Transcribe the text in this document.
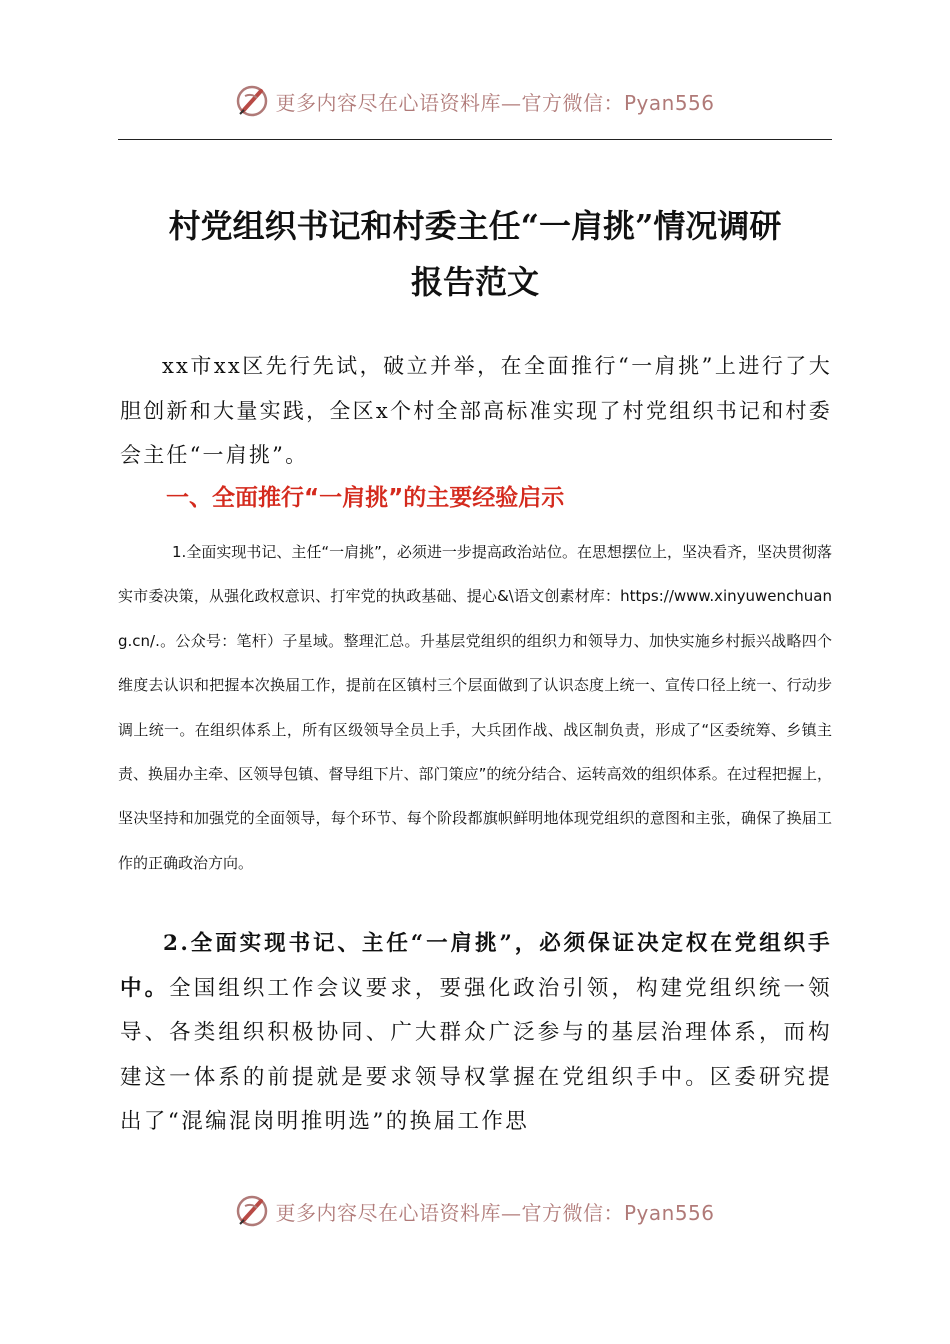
更多内容尽在心语资料库—官方微信：Pyan556
村党组织书记和村委主任“一肩挑”情况调研
报告范文

xx市xx区先行先试，破立并举，在全面推行“一肩挑”上进行了大胆创新和大量实践，全区x个村全部高标准实现了村党组织书记和村委会主任“一肩挑”。

一、全面推行“一肩挑”的主要经验启示

1.全面实现书记、主任“一肩挑”，必须进一步提高政治站位。在思想摆位上，坚决看齐，坚决贯彻落实市委决策，从强化政权意识、打牢党的执政基础、提心&\语文创素材库：https://www.xinyuwenchuang.cn/.。公众号：笔杆）子星域。整理汇总。升基层党组织的组织力和领导力、加快实施乡村振兴战略四个维度去认识和把握本次换届工作，提前在区镇村三个层面做到了认识态度上统一、宣传口径上统一、行动步调上统一。在组织体系上，所有区级领导全员上手，大兵团作战、战区制负责，形成了“区委统筹、乡镇主责、换届办主牵、区领导包镇、督导组下片、部门策应”的统分结合、运转高效的组织体系。在过程把握上，坚决坚持和加强党的全面领导，每个环节、每个阶段都旗帜鲜明地体现党组织的意图和主张，确保了换届工作的正确政治方向。

2.全面实现书记、主任“一肩挑”，必须保证决定权在党组织手中。全国组织工作会议要求，要强化政治引领，构建党组织统一领导、各类组织积极协同、广大群众广泛参与的基层治理体系，而构建这一体系的前提就是要求领导权掌握在党组织手中。区委研究提出了“混编混岗明推明选”的换届工作思

更多内容尽在心语资料库—官方微信：Pyan556
